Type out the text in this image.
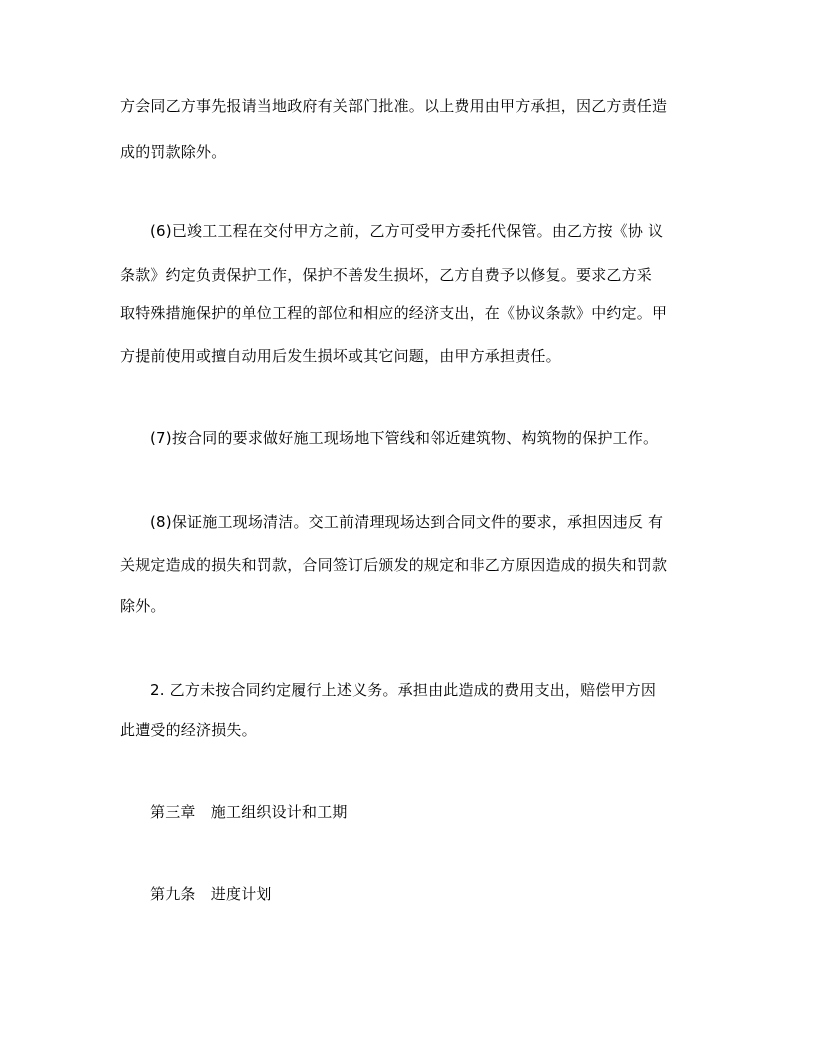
方会同乙方事先报请当地政府有关部门批准。以上费用由甲方承担，因乙方责任造
成的罚款除外。
(6)已竣工工程在交付甲方之前，乙方可受甲方委托代保管。由乙方按《协 议
条款》约定负责保护工作，保护不善发生损坏，乙方自费予以修复。要求乙方采
取特殊措施保护的单位工程的部位和相应的经济支出，在《协议条款》中约定。甲
方提前使用或擅自动用后发生损坏或其它问题，由甲方承担责任。
(7)按合同的要求做好施工现场地下管线和邻近建筑物、构筑物的保护工作。
(8)保证施工现场清洁。交工前清理现场达到合同文件的要求，承担因违反 有
关规定造成的损失和罚款，合同签订后颁发的规定和非乙方原因造成的损失和罚款
除外。
2. 乙方未按合同约定履行上述义务。承担由此造成的费用支出，赔偿甲方因
此遭受的经济损失。
第三章　施工组织设计和工期
第九条　进度计划
